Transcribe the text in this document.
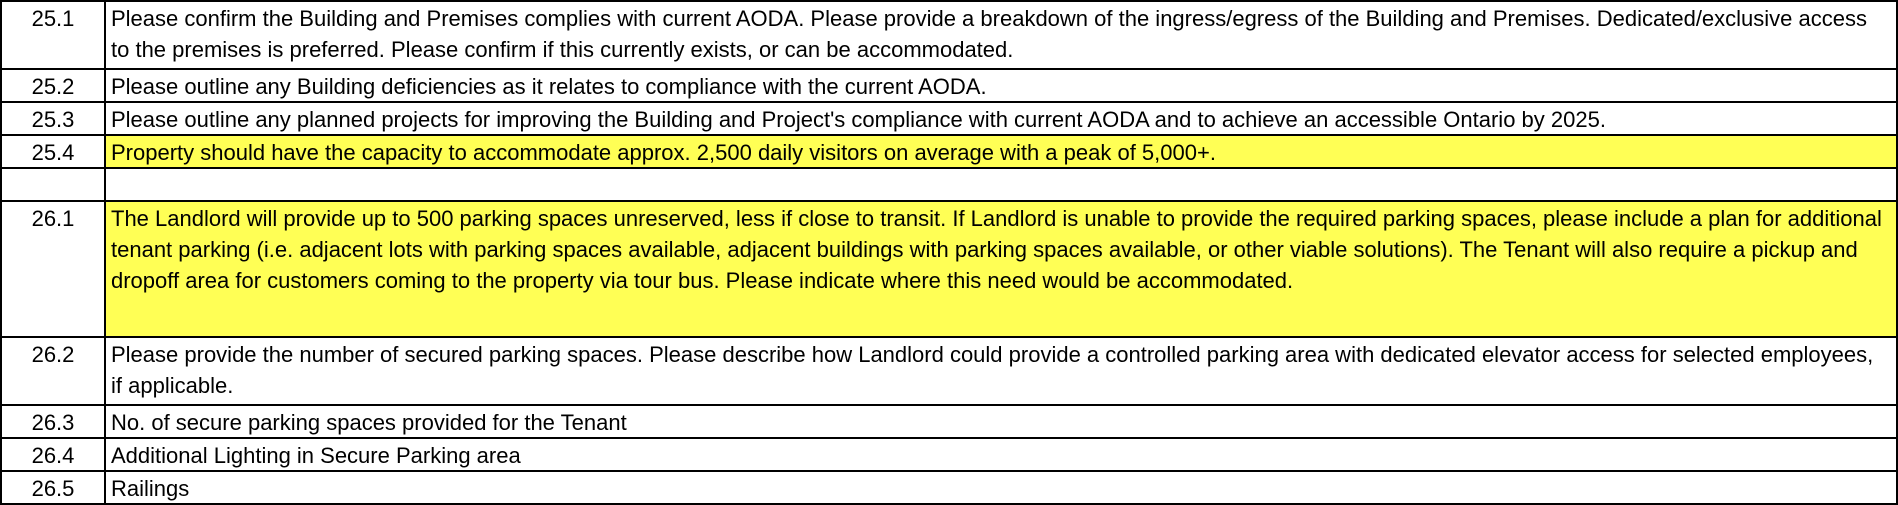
25.1	Please confirm the Building and Premises complies with current AODA. Please provide a breakdown of the ingress/egress of the Building and Premises. Dedicated/exclusive access to the premises is preferred. Please confirm if this currently exists, or can be accommodated.
25.2	Please outline any Building deficiencies as it relates to compliance with the current AODA.
25.3	Please outline any planned projects for improving the Building and Project's compliance with current AODA and to achieve an accessible Ontario by 2025.
25.4	Property should have the capacity to accommodate approx. 2,500 daily visitors on average with a peak of 5,000+.
26.1	The Landlord will provide up to 500 parking spaces unreserved, less if close to transit. If Landlord is unable to provide the required parking spaces, please include a plan for additional tenant parking (i.e. adjacent lots with parking spaces available, adjacent buildings with parking spaces available, or other viable solutions). The Tenant will also require a pickup and dropoff area for customers coming to the property via tour bus. Please indicate where this need would be accommodated.
26.2	Please provide the number of secured parking spaces. Please describe how Landlord could provide a controlled parking area with dedicated elevator access for selected employees, if applicable.
26.3	No. of secure parking spaces provided for the Tenant
26.4	Additional Lighting in Secure Parking area
26.5	Railings
